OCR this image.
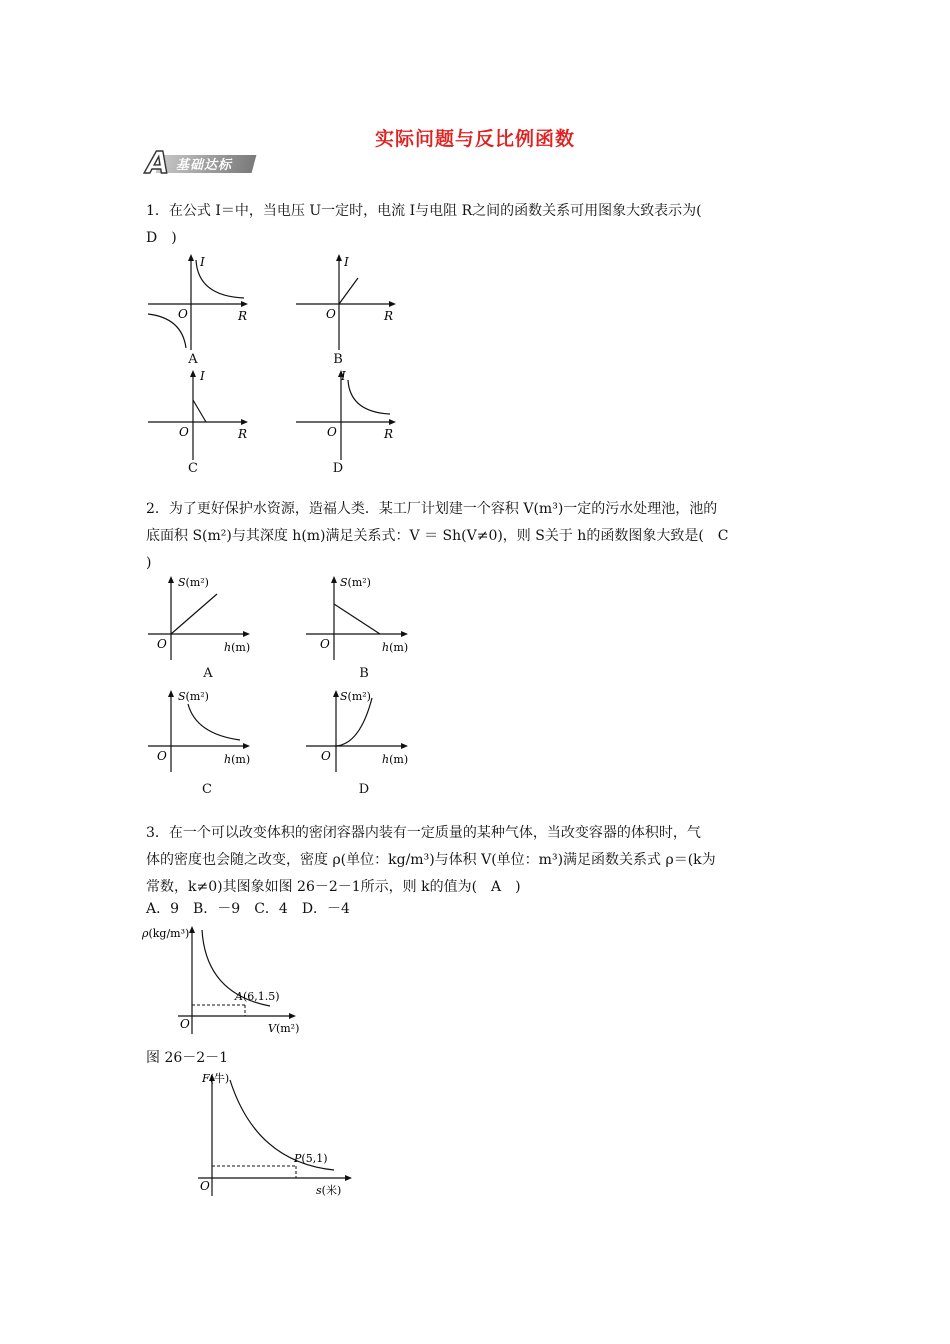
实际问题与反比例函数
A 基础达标
1．在公式 I＝中，当电压 U一定时，电流 I与电阻 R之间的函数关系可用图象大致表示为(
D　)
I
O	R
A
I
O	R
B
I
O	R
C
I
O	R
D
2．为了更好保护水资源，造福人类．某工厂计划建一个容积 V(m³)一定的污水处理池，池的
底面积 S(m²)与其深度 h(m)满足关系式：V ＝ Sh(V≠0)，则 S关于 h的函数图象大致是(　C
)
S(m²)
O	h(m)
A
S(m²)
O	h(m)
B
S(m²)
O	h(m)
C
S(m²)
O	h(m)
D
3．在一个可以改变体积的密闭容器内装有一定质量的某种气体，当改变容器的体积时，气
体的密度也会随之改变，密度 ρ(单位：kg/m³)与体积 V(单位：m³)满足函数关系式 ρ＝(k为
常数，k≠0)其图象如图 26－2－1所示，则 k的值为(　A　)
A．9　B．－9　C．4　D．－4
ρ(kg/m³)
A(6,1.5)
O	V(m²)
图 26－2－1
F(牛)
P(5,1)
O	s(米)
